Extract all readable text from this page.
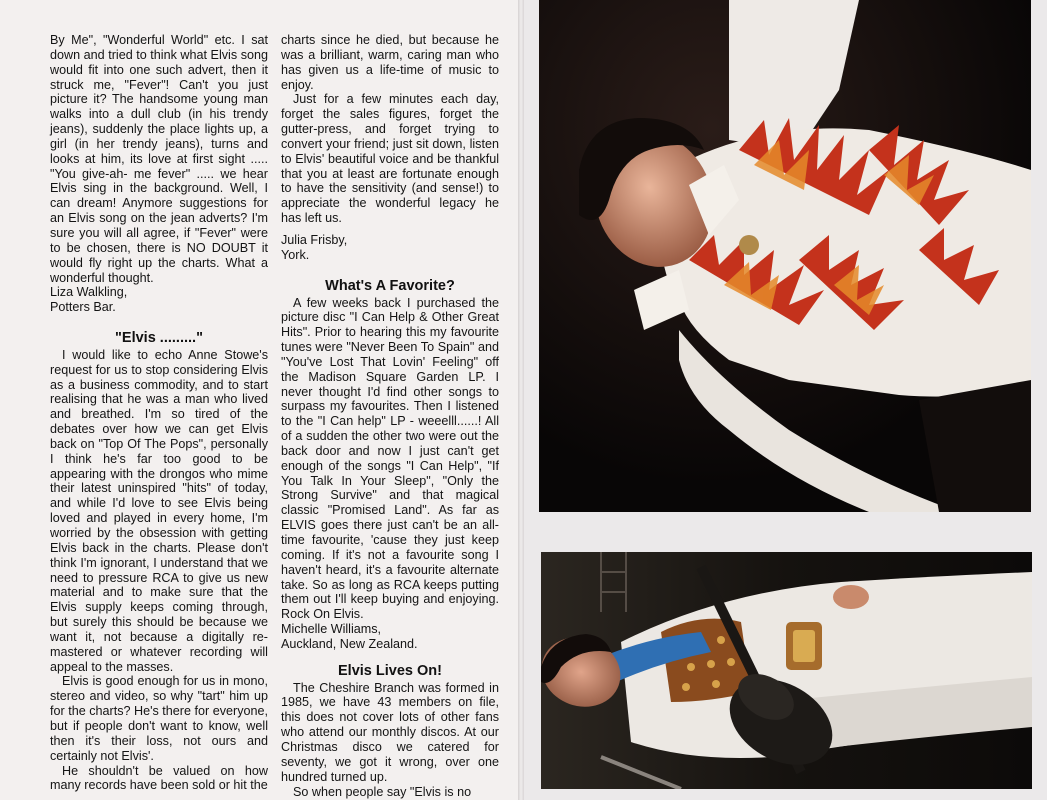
By Me", "Wonderful World" etc. I sat down and tried to think what Elvis song would fit into one such advert, then it struck me, "Fever"! Can't you just picture it? The handsome young man walks into a dull club (in his trendy jeans), suddenly the place lights up, a girl (in her trendy jeans), turns and looks at him, its love at first sight ..... "You give-ah- me fever" ..... we hear Elvis sing in the background. Well, I can dream! Anymore suggestions for an Elvis song on the jean adverts? I'm sure you will all agree, if "Fever" were to be chosen, there is NO DOUBT it would fly right up the charts. What a wonderful thought.

Liza Walkling,

Potters Bar.

"Elvis ........."

I would like to echo Anne Stowe's request for us to stop considering Elvis as a business commodity, and to start realising that he was a man who lived and breathed. I'm so tired of the debates over how we can get Elvis back on "Top Of The Pops", personally I think he's far too good to be appearing with the drongos who mime their latest uninspired "hits" of today, and while I'd love to see Elvis being loved and played in every home, I'm worried by the obsession with getting Elvis back in the charts. Please don't think I'm ignorant, I understand that we need to pressure RCA to give us new material and to make sure that the Elvis supply keeps coming through, but surely this should be because we want it, not because a digitally re-mastered or whatever recording will appeal to the masses.

Elvis is good enough for us in mono, stereo and video, so why "tart" him up for the charts? He's there for everyone, but if people don't want to know, well then it's their loss, not ours and certainly not Elvis'.

He shouldn't be valued on how many records have been sold or hit the

charts since he died, but because he was a brilliant, warm, caring man who has given us a life-time of music to enjoy.

Just for a few minutes each day, forget the sales figures, forget the gutter-press, and forget trying to convert your friend; just sit down, listen to Elvis' beautiful voice and be thankful that you at least are fortunate enough to have the sensitivity (and sense!) to appreciate the wonderful legacy he has left us.

Julia Frisby,

York.

What's A Favorite?

A few weeks back I purchased the picture disc "I Can Help & Other Great Hits". Prior to hearing this my favourite tunes were "Never Been To Spain" and "You've Lost That Lovin' Feeling" off the Madison Square Garden LP. I never thought I'd find other songs to surpass my favourites. Then I listened to the "I Can help" LP - weeelll......! All of a sudden the other two were out the back door and now I just can't get enough of the songs "I Can Help", "If You Talk In Your Sleep", "Only the Strong Survive" and that magical classic "Promised Land". As far as ELVIS goes there just can't be an all- time favourite, 'cause they just keep coming. If it's not a favourite song I haven't heard, it's a favourite alternate take. So as long as RCA keeps putting them out I'll keep buying and enjoying. Rock On Elvis.

Michelle Williams,

Auckland, New Zealand.

Elvis Lives On!

The Cheshire Branch was formed in 1985, we have 43 members on file, this does not cover lots of other fans who attend our monthly discos. At our Christmas disco we catered for seventy, we got it wrong, over one hundred turned up.

So when people say "Elvis is no
